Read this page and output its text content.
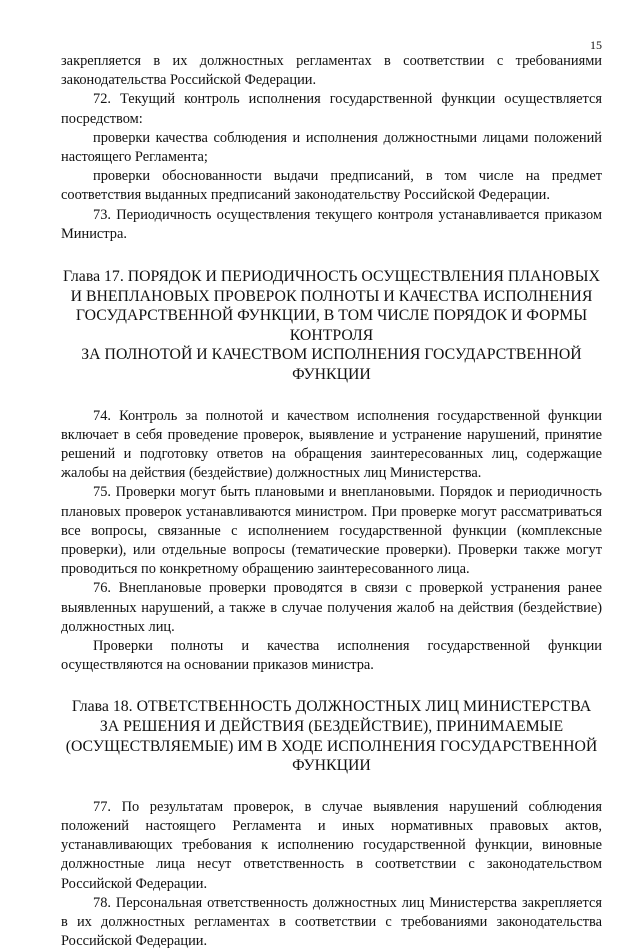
15

закрепляется в их должностных регламентах в соответствии с требованиями законодательства Российской Федерации.

72. Текущий контроль исполнения государственной функции осуществляется посредством:

проверки качества соблюдения и исполнения должностными лицами положений настоящего Регламента;

проверки обоснованности выдачи предписаний, в том числе на предмет соответствия выданных предписаний законодательству Российской Федерации.

73. Периодичность осуществления текущего контроля устанавливается приказом Министра.

Глава 17. ПОРЯДОК И ПЕРИОДИЧНОСТЬ ОСУЩЕСТВЛЕНИЯ ПЛАНОВЫХ
И ВНЕПЛАНОВЫХ ПРОВЕРОК ПОЛНОТЫ И КАЧЕСТВА ИСПОЛНЕНИЯ
ГОСУДАРСТВЕННОЙ ФУНКЦИИ, В ТОМ ЧИСЛЕ ПОРЯДОК И ФОРМЫ
КОНТРОЛЯ
ЗА ПОЛНОТОЙ И КАЧЕСТВОМ ИСПОЛНЕНИЯ ГОСУДАРСТВЕННОЙ
ФУНКЦИИ

74. Контроль за полнотой и качеством исполнения государственной функции включает в себя проведение проверок, выявление и устранение нарушений, принятие решений и подготовку ответов на обращения заинтересованных лиц, содержащие жалобы на действия (бездействие) должностных лиц Министерства.

75. Проверки могут быть плановыми и внеплановыми. Порядок и периодичность плановых проверок устанавливаются министром. При проверке могут рассматриваться все вопросы, связанные с исполнением государственной функции (комплексные проверки), или отдельные вопросы (тематические проверки). Проверки также могут проводиться по конкретному обращению заинтересованного лица.

76. Внеплановые проверки проводятся в связи с проверкой устранения ранее выявленных нарушений, а также в случае получения жалоб на действия (бездействие) должностных лиц.

Проверки полноты и качества исполнения государственной функции осуществляются на основании приказов министра.

Глава 18. ОТВЕТСТВЕННОСТЬ ДОЛЖНОСТНЫХ ЛИЦ МИНИСТЕРСТВА
ЗА РЕШЕНИЯ И ДЕЙСТВИЯ (БЕЗДЕЙСТВИЕ), ПРИНИМАЕМЫЕ
(ОСУЩЕСТВЛЯЕМЫЕ) ИМ В ХОДЕ ИСПОЛНЕНИЯ ГОСУДАРСТВЕННОЙ
ФУНКЦИИ

77. По результатам проверок, в случае выявления нарушений соблюдения положений настоящего Регламента и иных нормативных правовых актов, устанавливающих требования к исполнению государственной функции, виновные должностные лица несут ответственность в соответствии с законодательством Российской Федерации.

78. Персональная ответственность должностных лиц Министерства закрепляется в их должностных регламентах в соответствии с требованиями законодательства Российской Федерации.
